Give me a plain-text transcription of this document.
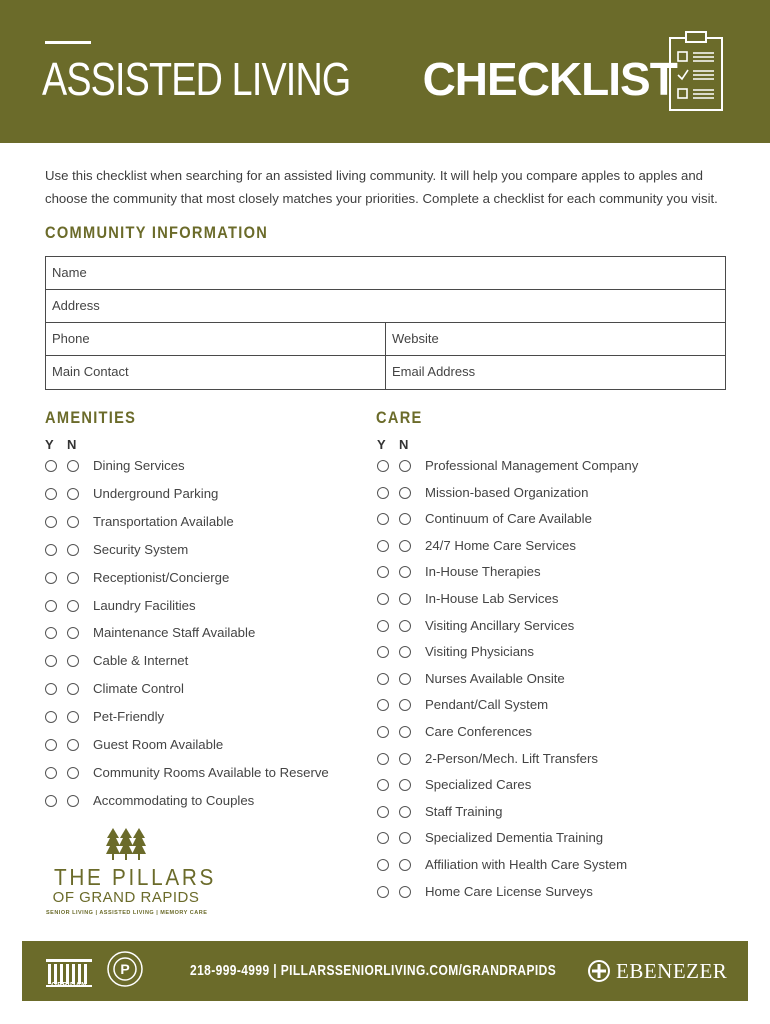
ASSISTED LIVING CHECKLIST

Use this checklist when searching for an assisted living community. It will help you compare apples to apples and choose the community that most closely matches your priorities. Complete a checklist for each community you visit.

COMMUNITY INFORMATION
Name
Address
Phone	Website
Main Contact	Email Address
AMENITIES
Y N
Dining Services
Underground Parking
Transportation Available
Security System
Receptionist/Concierge
Laundry Facilities
Maintenance Staff Available
Cable & Internet
Climate Control
Pet-Friendly
Guest Room Available
Community Rooms Available to Reserve
Accommodating to Couples
CARE
Y N
Professional Management Company
Mission-based Organization
Continuum of Care Available
24/7 Home Care Services
In-House Therapies
In-House Lab Services
Visiting Ancillary Services
Visiting Physicians
Nurses Available Onsite
Pendant/Call System
Care Conferences
2-Person/Mech. Lift Transfers
Specialized Cares
Staff Training
Specialized Dementia Training
Affiliation with Health Care System
Home Care License Surveys
THE PILLARS
OF GRAND RAPIDS
SENIOR LIVING | ASSISTED LIVING | MEMORY CARE
OPPIDAN
P	218-999-4999 | PILLARSSENIORLIVING.COM/GRANDRAPIDS	EBENEZER
